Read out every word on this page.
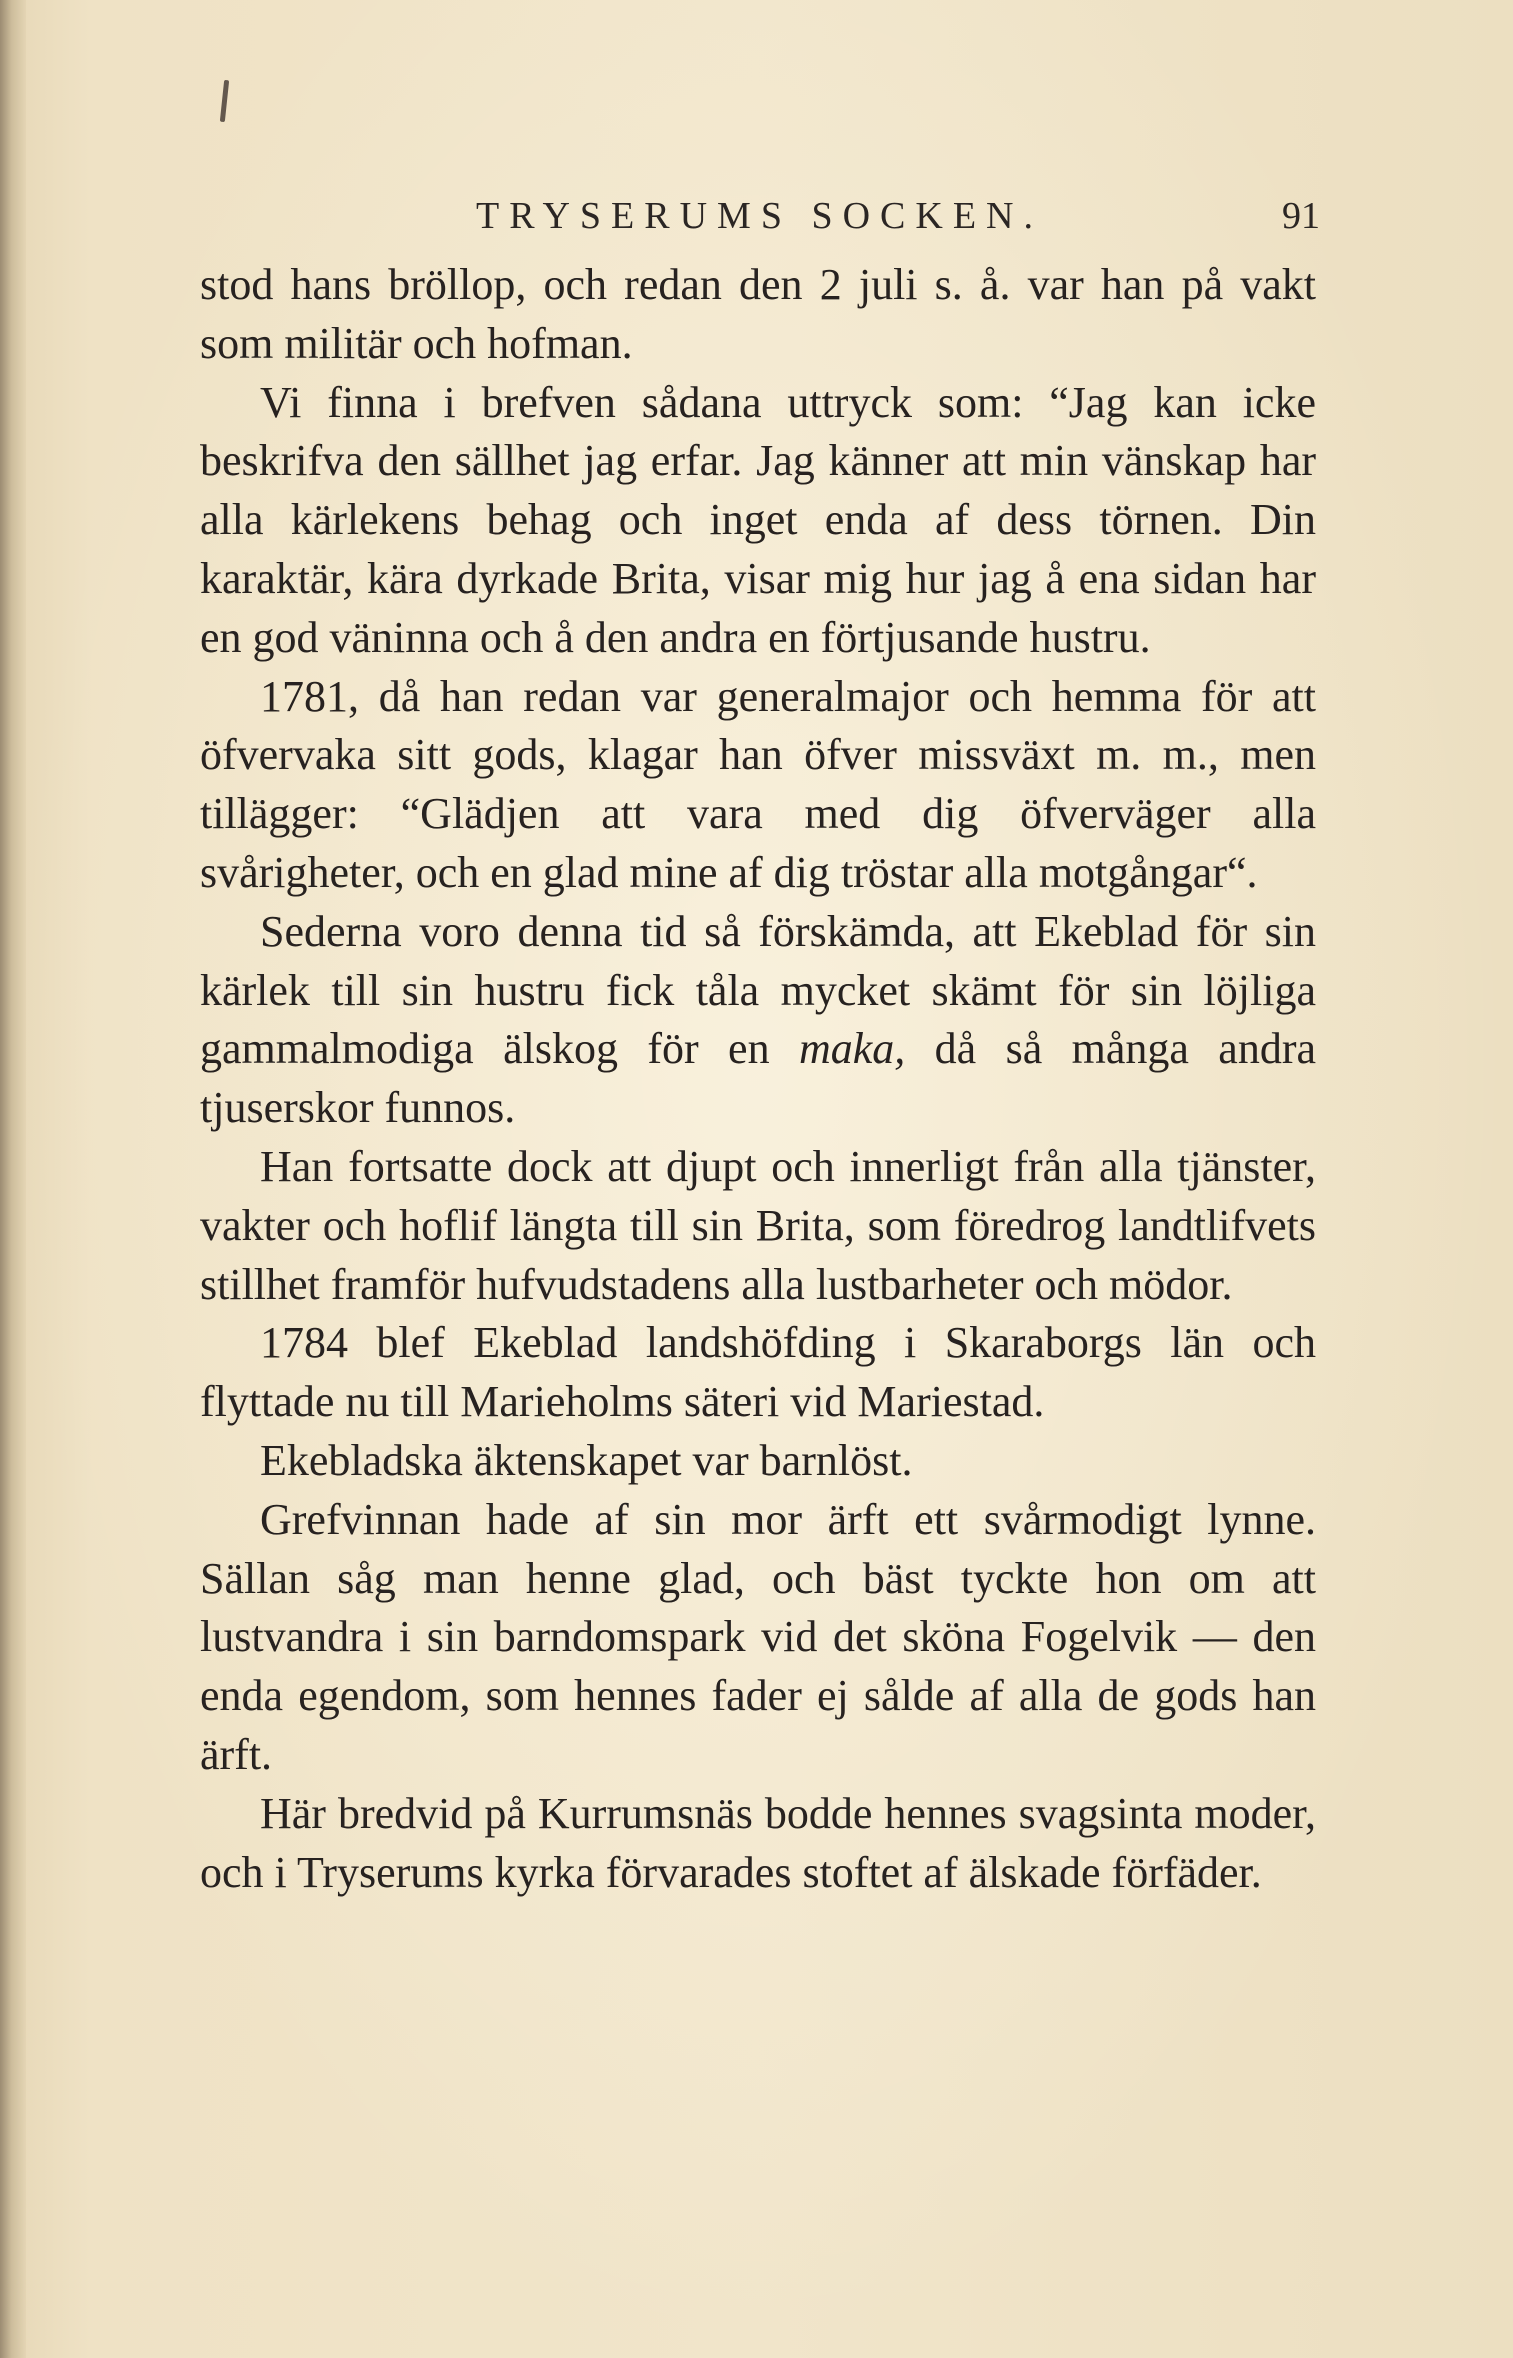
TRYSERUMS SOCKEN.	91

stod hans bröllop, och redan den 2 juli s. å. var han på vakt som militär och hofman.

Vi finna i brefven sådana uttryck som: “Jag kan icke beskrifva den sällhet jag erfar. Jag känner att min vänskap har alla kärlekens behag och inget enda af dess törnen. Din karaktär, kära dyrkade Brita, visar mig hur jag å ena sidan har en god väninna och å den andra en förtjusande hustru.

1781, då han redan var generalmajor och hemma för att öfvervaka sitt gods, klagar han öfver missväxt m. m., men tillägger: “Glädjen att vara med dig öfverväger alla svårigheter, och en glad mine af dig tröstar alla motgångar“.

Sederna voro denna tid så förskämda, att Ekeblad för sin kärlek till sin hustru fick tåla mycket skämt för sin löjliga gammalmodiga älskog för en maka, då så många andra tjuserskor funnos.

Han fortsatte dock att djupt och innerligt från alla tjänster, vakter och hoflif längta till sin Brita, som föredrog landtlifvets stillhet framför hufvudstadens alla lustbarheter och mödor.

1784 blef Ekeblad landshöfding i Skaraborgs län och flyttade nu till Marieholms säteri vid Mariestad.

Ekebladska äktenskapet var barnlöst.

Grefvinnan hade af sin mor ärft ett svårmodigt lynne. Sällan såg man henne glad, och bäst tyckte hon om att lustvandra i sin barndomspark vid det sköna Fogelvik — den enda egendom, som hennes fader ej sålde af alla de gods han ärft.

Här bredvid på Kurrumsnäs bodde hennes svagsinta moder, och i Tryserums kyrka förvarades stoftet af älskade förfäder.
